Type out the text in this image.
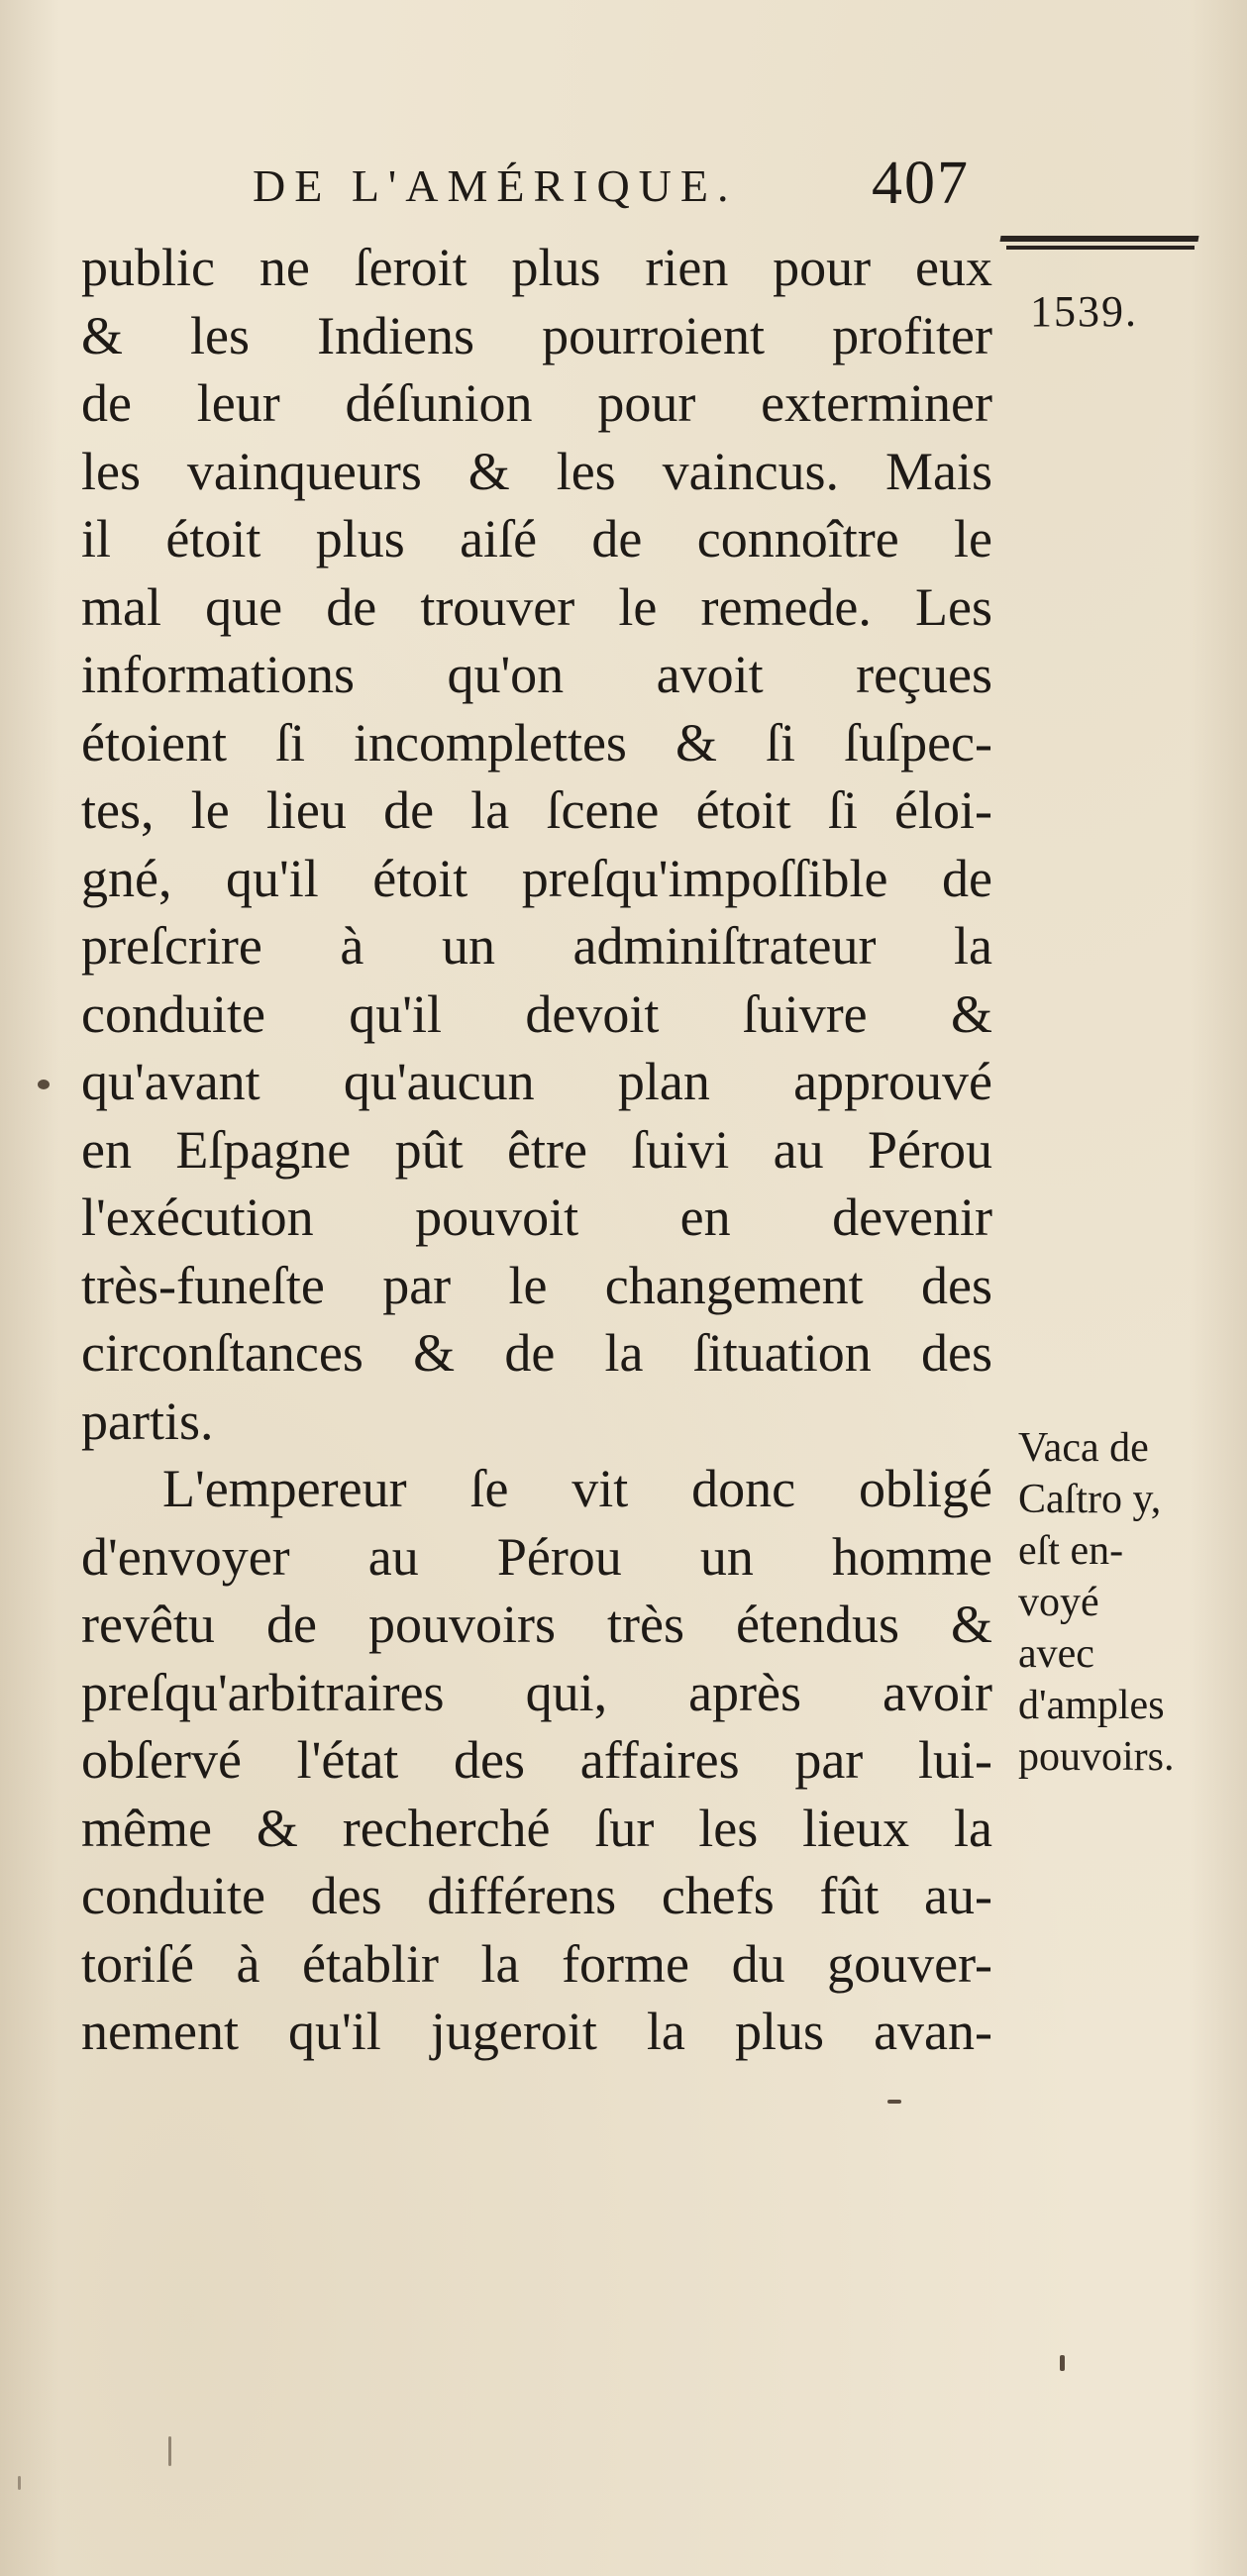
DE L'AMÉRIQUE. 407
1539.
public ne ſeroit plus rien pour eux
& les Indiens pourroient profiter
de leur déſunion pour exterminer
les vainqueurs & les vaincus. Mais
il étoit plus aiſé de connoître le
mal que de trouver le remede. Les
informations qu'on avoit reçues
étoient ſi incomplettes & ſi ſuſpec-
tes, le lieu de la ſcene étoit ſi éloi-
gné, qu'il étoit preſqu'impoſſible de
preſcrire à un adminiſtrateur la
conduite qu'il devoit ſuivre &
qu'avant qu'aucun plan approuvé
en Eſpagne pût être ſuivi au Pérou
l'exécution pouvoit en devenir
très-funeſte par le changement des
circonſtances & de la ſituation des
partis.
L'empereur ſe vit donc obligé
d'envoyer au Pérou un homme
revêtu de pouvoirs très étendus &
preſqu'arbitraires qui, après avoir
obſervé l'état des affaires par lui-
même & recherché ſur les lieux la
conduite des différens chefs fût au-
toriſé à établir la forme du gouver-
nement qu'il jugeroit la plus avan-
Vaca de
Caſtro y,
eſt en-
voyé
avec
d'amples
pouvoirs.
